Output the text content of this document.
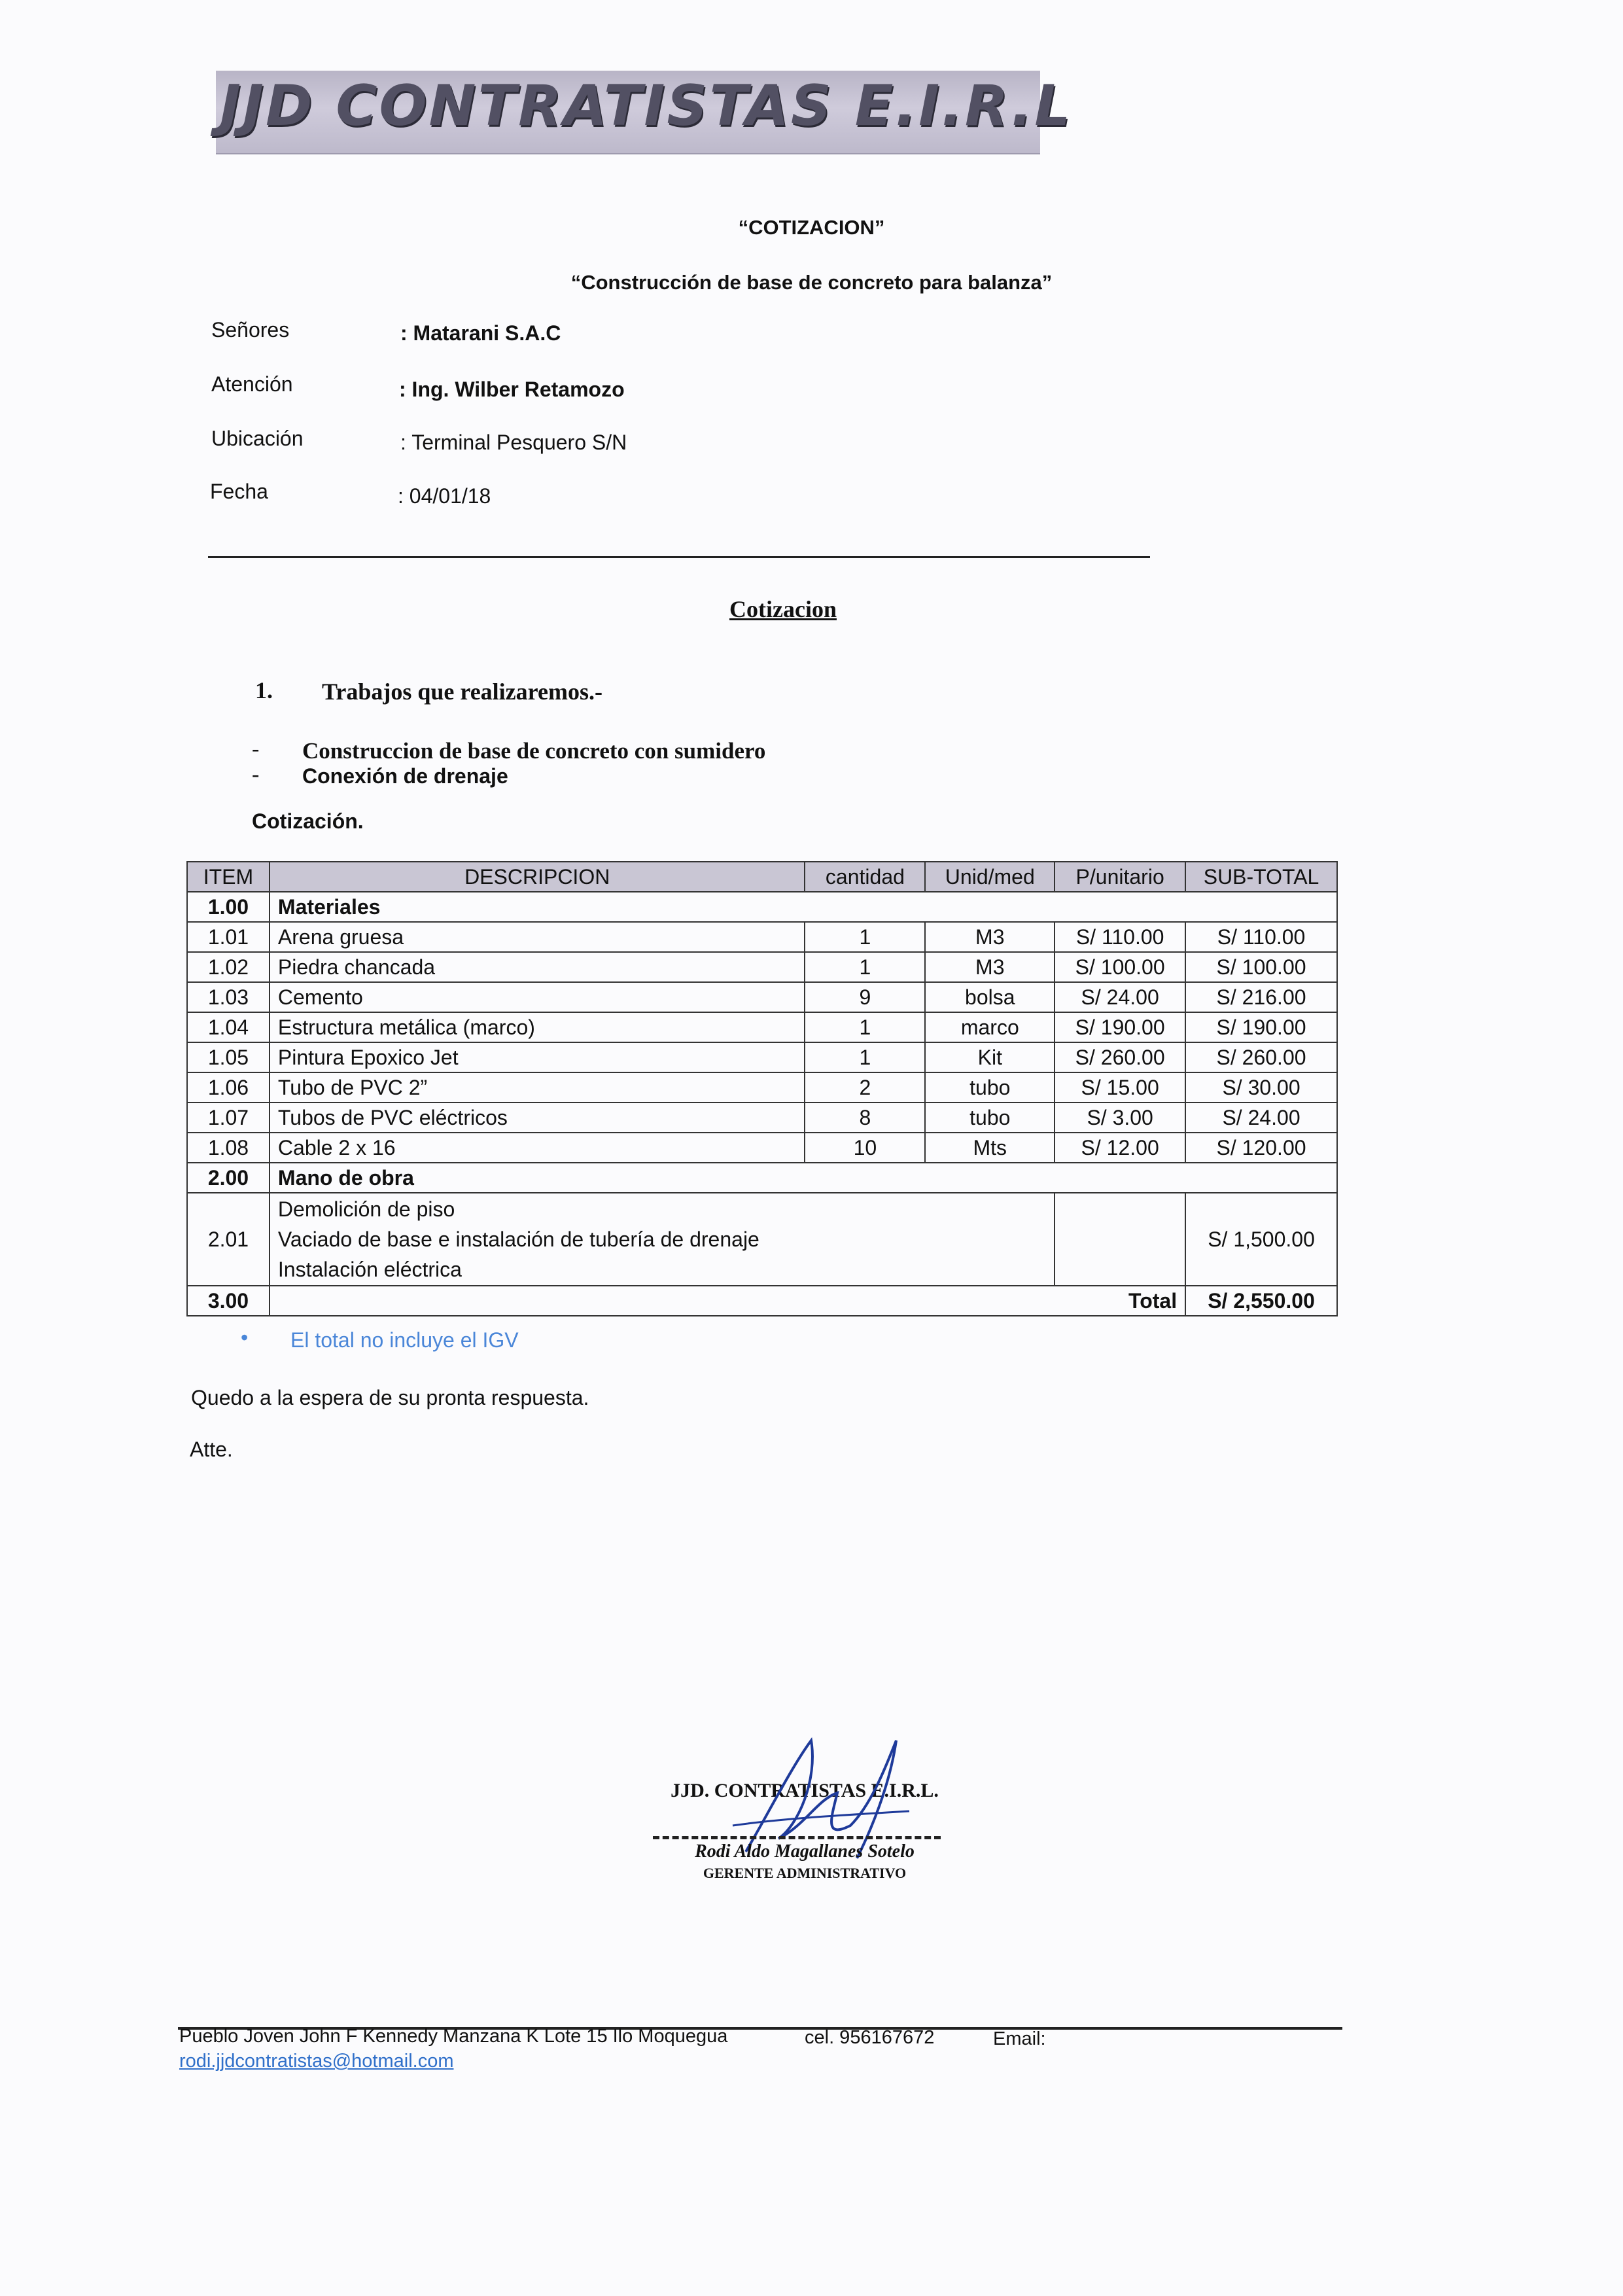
JJD CONTRATISTAS E.I.R.L
“COTIZACION”
“Construcción de base de concreto para balanza”
Señores	: Matarani S.A.C
Atención	: Ing. Wilber Retamozo
Ubicación	: Terminal Pesquero S/N
Fecha	: 04/01/18
Cotizacion
1. Trabajos que realizaremos.-
- Construccion de base de concreto con sumidero
- Conexión de drenaje
Cotización.
ITEM	DESCRIPCION	cantidad	Unid/med	P/unitario	SUB-TOTAL
1.00	Materiales				
1.01	Arena gruesa	1	M3	S/ 110.00	S/ 110.00
1.02	Piedra chancada	1	M3	S/ 100.00	S/ 100.00
1.03	Cemento	9	bolsa	S/ 24.00	S/ 216.00
1.04	Estructura metálica (marco)	1	marco	S/ 190.00	S/ 190.00
1.05	Pintura Epoxico Jet	1	Kit	S/ 260.00	S/ 260.00
1.06	Tubo de PVC 2”	2	tubo	S/ 15.00	S/ 30.00
1.07	Tubos de PVC eléctricos	8	tubo	S/ 3.00	S/ 24.00
1.08	Cable 2 x 16	10	Mts	S/ 12.00	S/ 120.00
2.00	Mano de obra				
2.01	Demolición de piso
Vaciado de base e instalación de tubería de drenaje
Instalación eléctrica				S/ 1,500.00
3.00	Total				S/ 2,550.00
• El total no incluye el IGV
Quedo a la espera de su pronta respuesta.
Atte.
JJD. CONTRATISTAS E.I.R.L.
Rodi Aldo Magallanes Sotelo
GERENTE ADMINISTRATIVO
Pueblo Joven John F Kennedy Manzana K Lote 15 Ilo Moquegua	cel. 956167672	Email:
rodi.jjdcontratistas@hotmail.com
